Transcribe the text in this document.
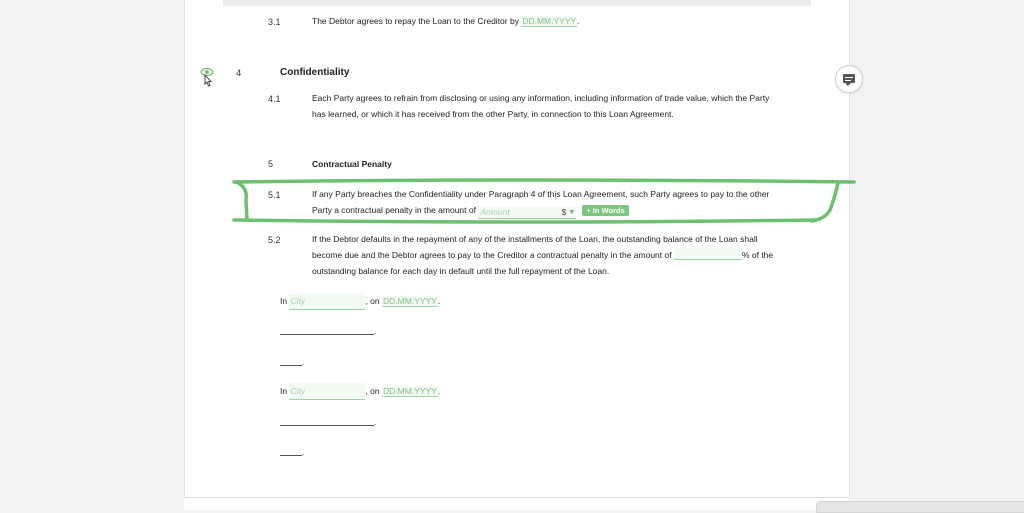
3.1	The Debtor agrees to repay the Loan to the Creditor by DD.MM.YYYY.
4	Confidentiality
4.1	Each Party agrees to refrain from disclosing or using any information, including information of trade value, which the Party
has learned, or which it has received from the other Party, in connection to this Loan Agreement.
5	Contractual Penalty
5.1	If any Party breaches the Confidentiality under Paragraph 4 of this Loan Agreement, such Party agrees to pay to the other
Party a contractual penalty in the amount of Amount	$ ▼ + In Words
5.2	If the Debtor defaults in the repayment of any of the installments of the Loan, the outstanding balance of the Loan shall
become due and the Debtor agrees to pay to the Creditor a contractual penalty in the amount of	% of the
outstanding balance for each day in default until the full repayment of the Loan.
In City	, on DD.MM.YYYY.
.
.
In City	, on DD.MM.YYYY.
.
.
